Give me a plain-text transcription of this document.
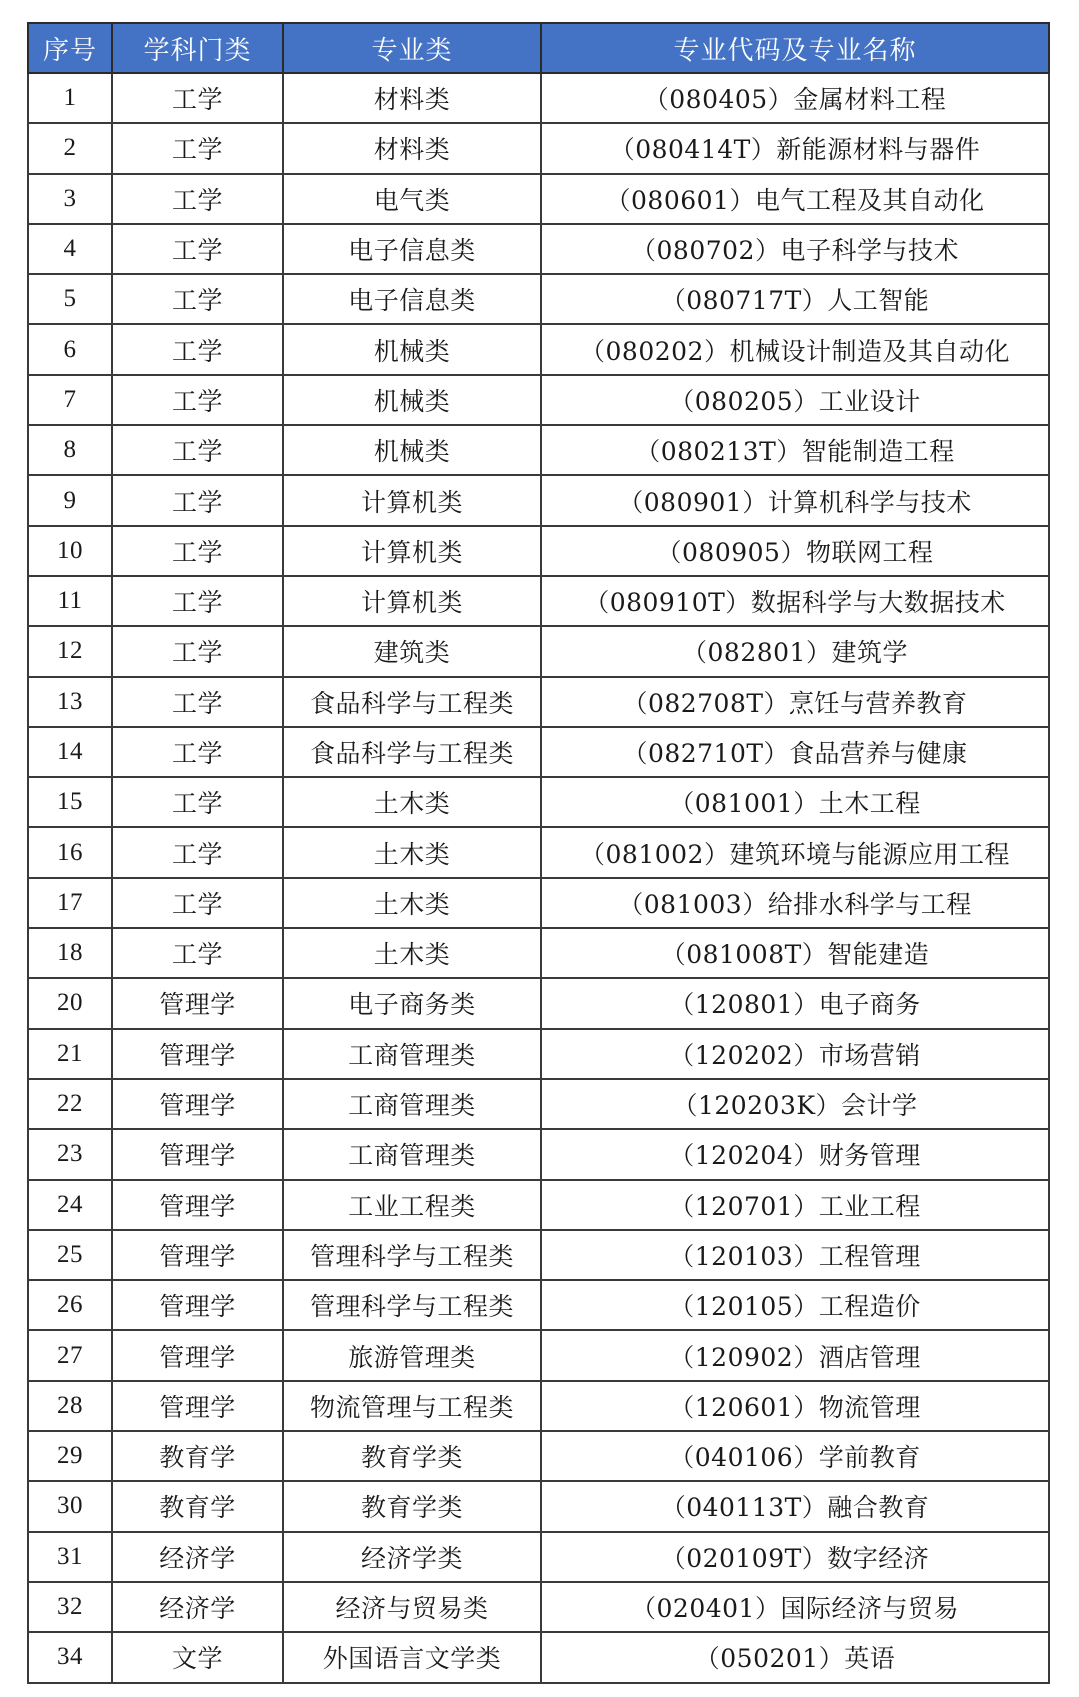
序号	学科门类	专业类	专业代码及专业名称
1	工学	材料类	（080405）金属材料工程
2	工学	材料类	（080414T）新能源材料与器件
3	工学	电气类	（080601）电气工程及其自动化
4	工学	电子信息类	（080702）电子科学与技术
5	工学	电子信息类	（080717T）人工智能
6	工学	机械类	（080202）机械设计制造及其自动化
7	工学	机械类	（080205）工业设计
8	工学	机械类	（080213T）智能制造工程
9	工学	计算机类	（080901）计算机科学与技术
10	工学	计算机类	（080905）物联网工程
11	工学	计算机类	（080910T）数据科学与大数据技术
12	工学	建筑类	（082801）建筑学
13	工学	食品科学与工程类	（082708T）烹饪与营养教育
14	工学	食品科学与工程类	（082710T）食品营养与健康
15	工学	土木类	（081001）土木工程
16	工学	土木类	（081002）建筑环境与能源应用工程
17	工学	土木类	（081003）给排水科学与工程
18	工学	土木类	（081008T）智能建造
20	管理学	电子商务类	（120801）电子商务
21	管理学	工商管理类	（120202）市场营销
22	管理学	工商管理类	（120203K）会计学
23	管理学	工商管理类	（120204）财务管理
24	管理学	工业工程类	（120701）工业工程
25	管理学	管理科学与工程类	（120103）工程管理
26	管理学	管理科学与工程类	（120105）工程造价
27	管理学	旅游管理类	（120902）酒店管理
28	管理学	物流管理与工程类	（120601）物流管理
29	教育学	教育学类	（040106）学前教育
30	教育学	教育学类	（040113T）融合教育
31	经济学	经济学类	（020109T）数字经济
32	经济学	经济与贸易类	（020401）国际经济与贸易
34	文学	外国语言文学类	（050201）英语
